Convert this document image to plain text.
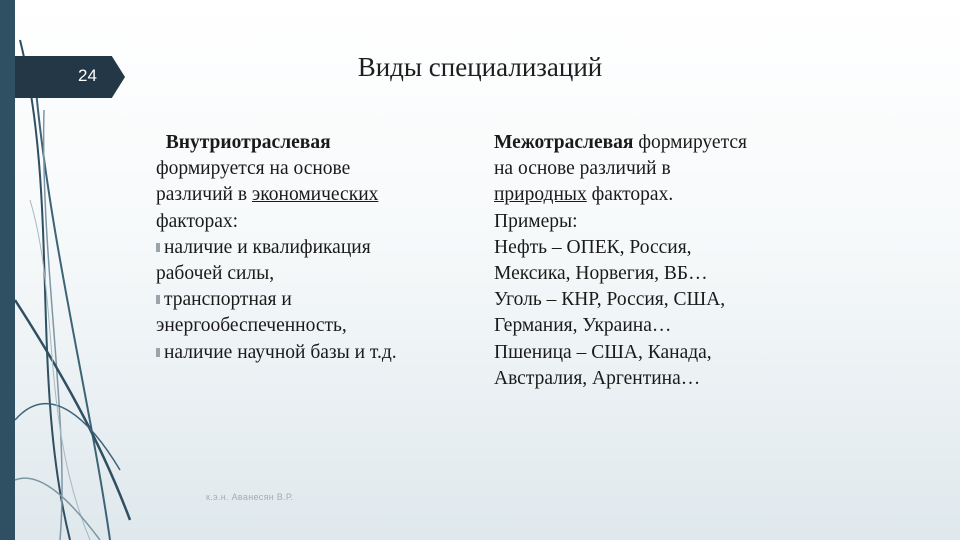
24	Виды специализаций
Внутриотраслевая
формируется на основе
различий в экономических
факторах:
наличие и квалификация
рабочей силы,
транспортная и
энергообеспеченность,
наличие научной базы и т.д.
Межотраслевая формируется
на основе различий в
природных факторах.
Примеры:
Нефть – ОПЕК, Россия,
Мексика, Норвегия, ВБ…
Уголь – КНР, Россия, США,
Германия, Украина…
Пшеница – США, Канада,
Австралия, Аргентина…
к.э.н. Аванесян В.Р.
